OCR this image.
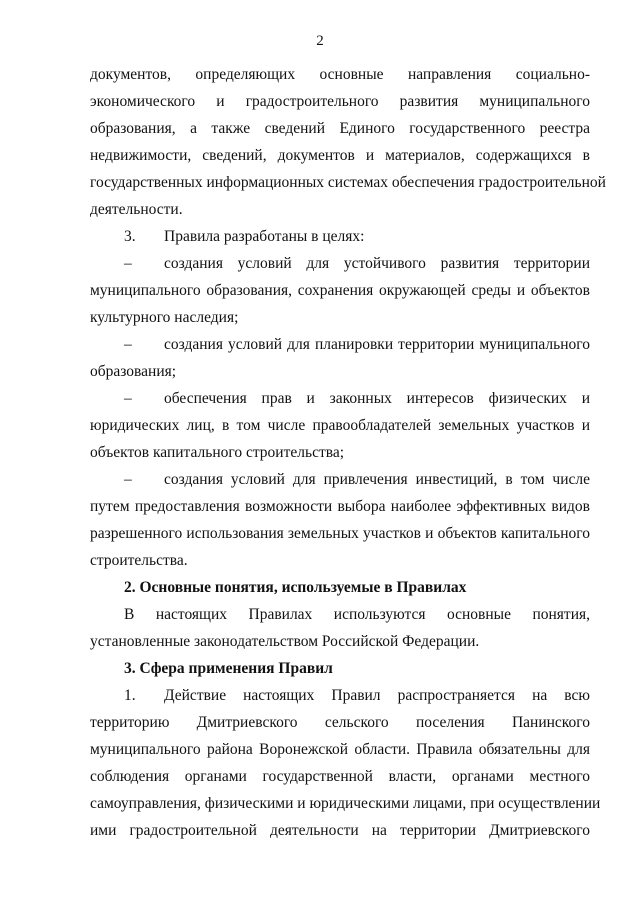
2
документов, определяющих основные направления социально-
экономического и градостроительного развития муниципального
образования, а также сведений Единого государственного реестра
недвижимости, сведений, документов и материалов, содержащихся в
государственных информационных системах обеспечения градостроительной
деятельности.
3. Правила разработаны в целях:
– создания условий для устойчивого развития территории
муниципального образования, сохранения окружающей среды и объектов
культурного наследия;
– создания условий для планировки территории муниципального
образования;
– обеспечения прав и законных интересов физических и
юридических лиц, в том числе правообладателей земельных участков и
объектов капитального строительства;
– создания условий для привлечения инвестиций, в том числе
путем предоставления возможности выбора наиболее эффективных видов
разрешенного использования земельных участков и объектов капитального
строительства.
2. Основные понятия, используемые в Правилах
В настоящих Правилах используются основные понятия,
установленные законодательством Российской Федерации.
3. Сфера применения Правил
1. Действие настоящих Правил распространяется на всю
территорию Дмитриевского сельского поселения Панинского
муниципального района Воронежской области. Правила обязательны для
соблюдения органами государственной власти, органами местного
самоуправления, физическими и юридическими лицами, при осуществлении
ими градостроительной деятельности на территории Дмитриевского
